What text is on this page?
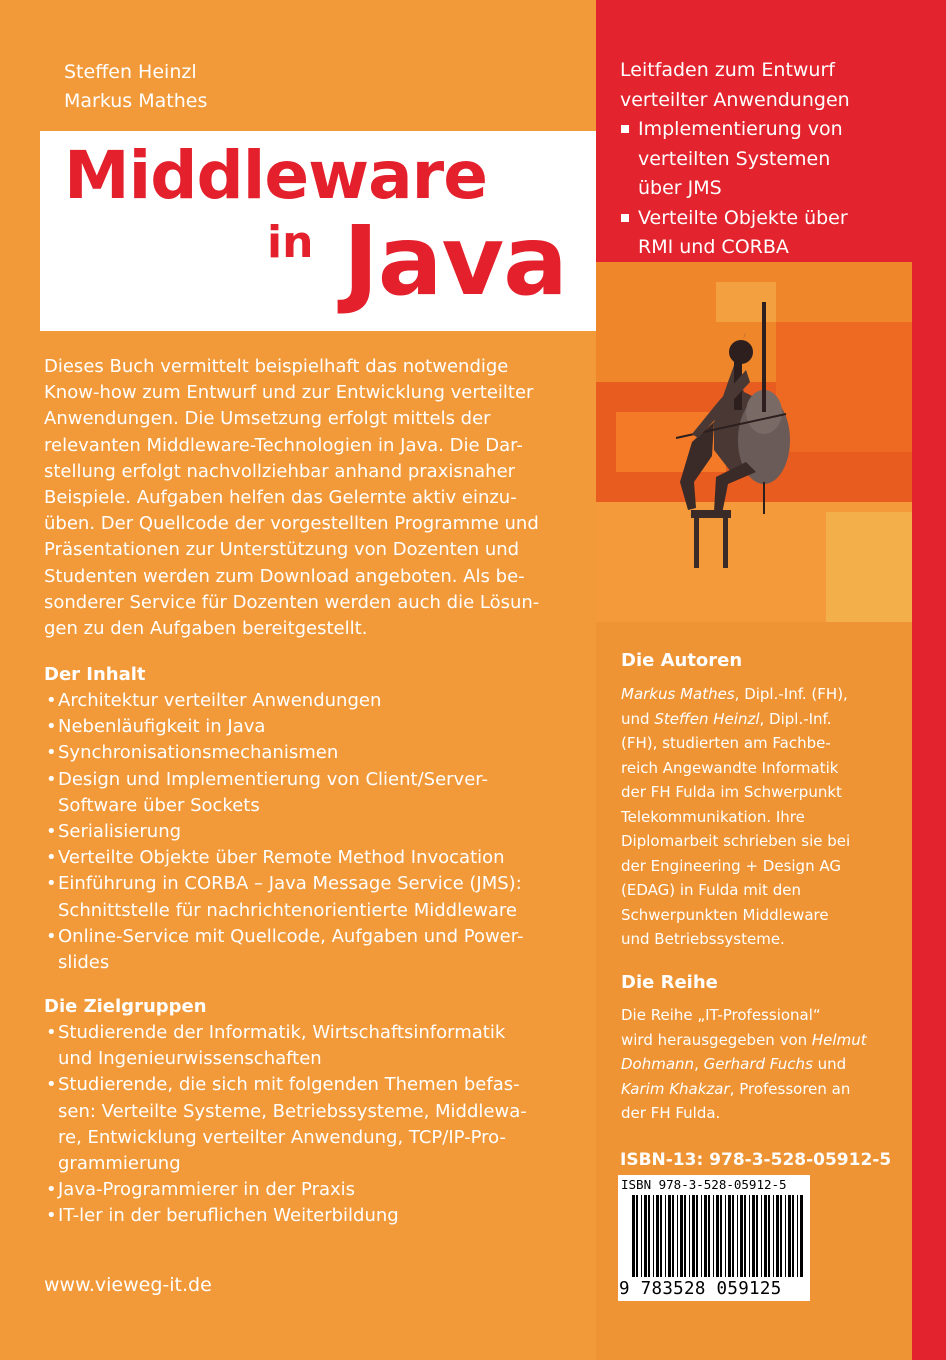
Steffen Heinzl
Markus Mathes
Middleware
in Java
Leitfaden zum Entwurf
verteilter Anwendungen
Implementierung von
verteilten Systemen
über JMS
Verteilte Objekte über
RMI und CORBA
Dieses Buch vermittelt beispielhaft das notwendige
Know-how zum Entwurf und zur Entwicklung verteilter
Anwendungen. Die Umsetzung erfolgt mittels der
relevanten Middleware-Technologien in Java. Die Dar-
stellung erfolgt nachvollziehbar anhand praxisnaher
Beispiele. Aufgaben helfen das Gelernte aktiv einzu-
üben. Der Quellcode der vorgestellten Programme und
Präsentationen zur Unterstützung von Dozenten und
Studenten werden zum Download angeboten. Als be-
sonderer Service für Dozenten werden auch die Lösun-
gen zu den Aufgaben bereitgestellt.
Der Inhalt
• Architektur verteilter Anwendungen
• Nebenläufigkeit in Java
• Synchronisationsmechanismen
• Design und Implementierung von Client/Server-
Software über Sockets
• Serialisierung
• Verteilte Objekte über Remote Method Invocation
• Einführung in CORBA – Java Message Service (JMS):
Schnittstelle für nachrichtenorientierte Middleware
• Online-Service mit Quellcode, Aufgaben und Power-
slides
Die Zielgruppen
• Studierende der Informatik, Wirtschaftsinformatik
und Ingenieurwissenschaften
• Studierende, die sich mit folgenden Themen befas-
sen: Verteilte Systeme, Betriebssysteme, Middlewa-
re, Entwicklung verteilter Anwendung, TCP/IP-Pro-
grammierung
• Java-Programmierer in der Praxis
• IT-ler in der beruflichen Weiterbildung
Die Autoren
Markus Mathes, Dipl.-Inf. (FH),
und Steffen Heinzl, Dipl.-Inf.
(FH), studierten am Fachbe-
reich Angewandte Informatik
der FH Fulda im Schwerpunkt
Telekommunikation. Ihre
Diplomarbeit schrieben sie bei
der Engineering + Design AG
(EDAG) in Fulda mit den
Schwerpunkten Middleware
und Betriebssysteme.
Die Reihe
Die Reihe „IT-Professional“
wird herausgegeben von Helmut
Dohmann, Gerhard Fuchs und
Karim Khakzar, Professoren an
der FH Fulda.
ISBN-13: 978-3-528-05912-5
ISBN 978-3-528-05912-5
9 783528 059125
www.vieweg-it.de
